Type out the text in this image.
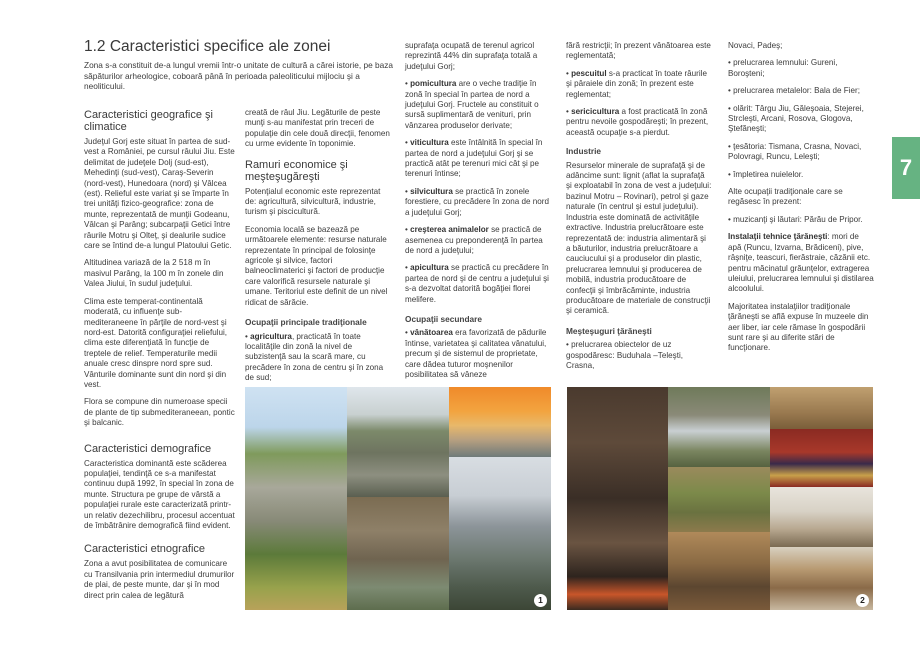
1.2 Caracteristici specifice ale zonei
Zona s-a constituit de-a lungul vremii într-o unitate de cultură a cărei istorie, pe baza săpăturilor arheologice, coboară până în perioada paleoliticului mijlociu şi a neoliticului.
7
Caracteristici geografice şi climatice

Judeţul Gorj este situat în partea de sud-vest a României, pe cursul râului Jiu. Este delimitat de judeţele Dolj (sud-est), Mehedinţi (sud-vest), Caraş-Severin (nord-vest), Hunedoara (nord) şi Vâlcea (est). Relieful este variat şi se împarte în trei unităţi fizico-geografice: zona de munte, reprezentată de munţii Godeanu, Vâlcan şi Parâng; subcarpaţii Getici între râurile Motru şi Olteţ, şi dealurile sudice care se întind de-a lungul Platoului Getic.

Altitudinea variază de la 2 518 m în masivul Parâng, la 100 m în zonele din Valea Jiului, în sudul judeţului.

Clima este temperat-continentală moderată, cu influenţe sub-mediteraneene în părţile de nord-vest şi nord-est. Datorită configuraţiei reliefului, clima este diferenţiată în funcţie de treptele de relief. Temperaturile medii anuale cresc dinspre nord spre sud. Vânturile dominante sunt din nord şi din vest.

Flora se compune din numeroase specii de plante de tip submediteraneean, pontic şi balcanic.

Caracteristici demografice

Caracteristica dominantă este scăderea populaţiei, tendinţă ce s-a manifestat continuu după 1992, în special în zona de munte. Structura pe grupe de vârstă a populaţiei rurale este caracterizată printr-un relativ dezechilibru, procesul accentuat de îmbătrânire demografică fiind evident.

Caracteristici etnografice

Zona a avut posibilitatea de comunicare cu Transilvania prin intermediul drumurilor de plai, de peste munte, dar şi în mod direct prin calea de legătură

creată de râul Jiu. Legăturile de peste munţi s-au manifestat prin treceri de populaţie din cele două direcţii, fenomen cu urme evidente în toponimie.

Ramuri economice şi meşteşugăreşti

Potenţialul economic este reprezentat de: agricultură, silvicultură, industrie, turism şi piscicultură.

Economia locală se bazează pe următoarele elemente: resurse naturale reprezentate în principal de folosinţe agricole şi silvice, factori balneoclimaterici şi factori de producţie care valorifică resursele naturale şi umane. Teritoriul este definit de un nivel ridicat de sărăcie.

Ocupaţii principale tradiţionale

• agricultura, practicată în toate localităţile din zonă la nivel de subzistenţă sau la scară mare, cu precădere în zona de centru şi în zona de sud;

suprafaţa ocupată de terenul agricol reprezintă 44% din suprafaţa totală a judeţului Gorj;

• pomicultura are o veche tradiţie în zonă în special în partea de nord a judeţului Gorj. Fructele au constituit o sursă suplimentară de venituri, prin vânzarea produselor derivate;

• viticultura este întâlnită în special în partea de nord a judeţului Gorj şi se practică atât pe terenuri mici cât şi pe terenuri întinse;

• silvicultura se practică în zonele forestiere, cu precădere în zona de nord a judeţului Gorj;

• creşterea animalelor se practică de asemenea cu preponderenţă în partea de nord a judeţului;

• apicultura se practică cu precădere în partea de nord şi de centru a judeţului şi s-a dezvoltat datorită bogăţiei florei melifere.

Ocupaţii secundare

• vânătoarea era favorizată de pădurile întinse, varietatea şi calitatea vânatului, precum şi de sistemul de proprietate, care dădea tuturor moşnenilor posibilitatea să vâneze

fără restricţii; în prezent vânătoarea este reglementată;

• pescuitul s-a practicat în toate râurile şi pâraiele din zonă; în prezent este reglementat;

• sericicultura a fost practicată în zonă pentru nevoile gospodăreşti; în prezent, această ocupaţie s-a pierdut.

Industrie

Resurselor minerale de suprafaţă şi de adâncime sunt: lignit (aflat la suprafaţă şi exploatabil în zona de vest a judeţului: bazinul Motru – Rovinari), petrol şi gaze naturale (în centrul şi estul judeţului). Industria este dominată de activităţile extractive. Industria prelucrătoare este reprezentată de: industria alimentară şi a băuturilor, industria prelucrătoare a cauciucului şi a produselor din plastic, prelucrarea lemnului şi producerea de mobilă, industria producătoare de confecţii şi îmbrăcăminte, industria producătoare de materiale de construcţii şi ceramică.

Meşteşuguri ţărăneşti

• prelucrarea obiectelor de uz gospodăresc: Buduhala –Teleşti, Crasna,

Novaci, Padeş;

• prelucrarea lemnului: Gureni, Boroşteni;

• prelucrarea metalelor: Bala de Fier;

• olărit: Târgu Jiu, Găleşoaia, Stejerei, Strcleşti, Arcani, Rosova, Glogova, Ştefăneşti;

• ţesătoria: Tismana, Crasna, Novaci, Polovragi, Runcu, Leleşti;

• împletirea nuielelor.

Alte ocupaţii tradiţionale care se regăsesc în prezent:

• muzicanţi şi lăutari: Părău de Pripor.

Instalaţii tehnice ţărăneşti: mori de apă (Runcu, Izvarna, Brădiceni), pive, râşniţe, teascuri, fierăstraie, căzănii etc. pentru măcinatul grăunţelor, extragerea uleiului, prelucrarea lemnului şi distilarea alcoolului.

Majoritatea instalaţiilor tradiţionale ţărăneşti se află expuse în muzeele din aer liber, iar cele rămase în gospodării sunt rare şi au diferite stări de funcţionare.

1	2
